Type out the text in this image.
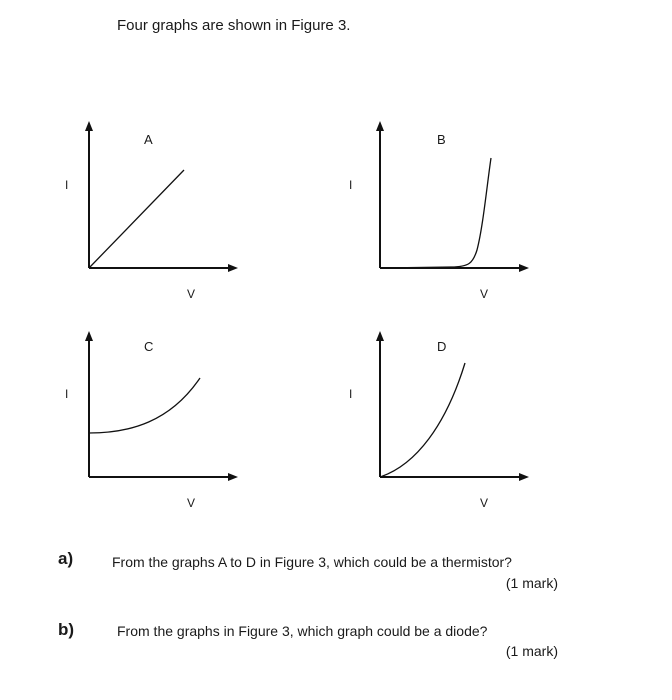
Four graphs are shown in Figure 3.
A
I
V
B
I
V
C
I
V
D
I
V
a)	From the graphs A to D in Figure 3, which could be a thermistor?
(1 mark)
b)	From the graphs in Figure 3, which graph could be a diode?
(1 mark)
